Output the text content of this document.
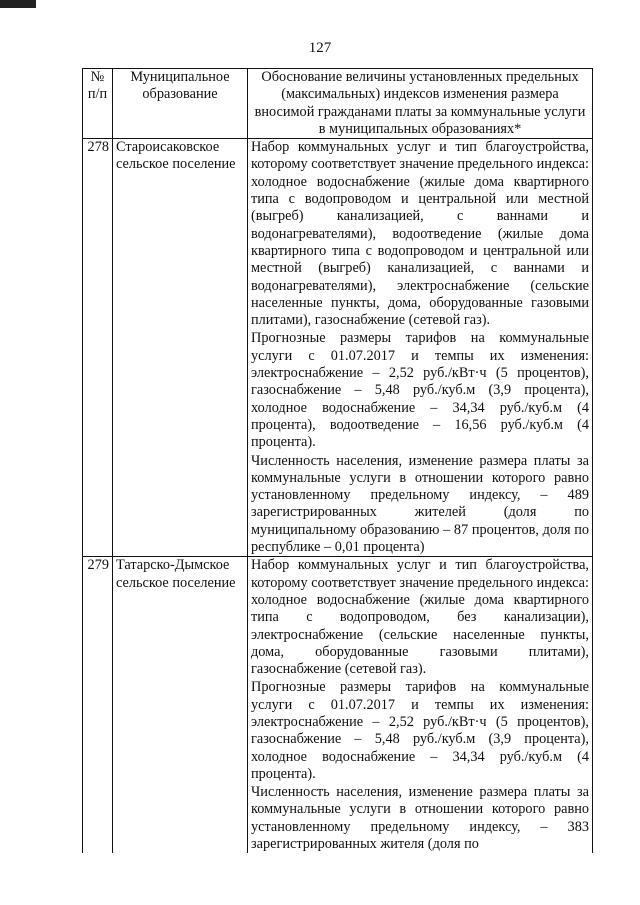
127
№ п/п	Муниципальное образование	Обоснование величины установленных предельных (максимальных) индексов изменения размера вносимой гражданами платы за коммунальные услуги в муниципальных образованиях*
278	Староисаковское сельское поселение	Набор коммунальных услуг и тип благоустройства, которому соответствует значение предельного индекса: холодное водоснабжение (жилые дома квартирного типа с водопроводом и центральной или местной (выгреб) канализацией, с ваннами и водонагревателями), водоотведение (жилые дома квартирного типа с водопроводом и центральной или местной (выгреб) канализацией, с ваннами и водонагревателями), электроснабжение (сельские населенные пункты, дома, оборудованные газовыми плитами), газоснабжение (сетевой газ).

Прогнозные размеры тарифов на коммунальные услуги с 01.07.2017 и темпы их изменения: электроснабжение – 2,52 руб./кВт·ч (5 процентов), газоснабжение – 5,48 руб./куб.м (3,9 процента), холодное водоснабжение – 34,34 руб./куб.м (4 процента), водоотведение – 16,56 руб./куб.м (4 процента).

Численность населения, изменение размера платы за коммунальные услуги в отношении которого равно установленному предельному индексу, – 489 зарегистрированных жителей (доля по муниципальному образованию – 87 процентов, доля по республике – 0,01 процента)

279	Татарско-Дымское сельское поселение	Набор коммунальных услуг и тип благоустройства, которому соответствует значение предельного индекса: холодное водоснабжение (жилые дома квартирного типа с водопроводом, без канализации), электроснабжение (сельские населенные пункты, дома, оборудованные газовыми плитами), газоснабжение (сетевой газ).

Прогнозные размеры тарифов на коммунальные услуги с 01.07.2017 и темпы их изменения: электроснабжение – 2,52 руб./кВт·ч (5 процентов), газоснабжение – 5,48 руб./куб.м (3,9 процента), холодное водоснабжение – 34,34 руб./куб.м (4 процента).

Численность населения, изменение размера платы за коммунальные услуги в отношении которого равно установленному предельному индексу, – 383 зарегистрированных жителя (доля по
